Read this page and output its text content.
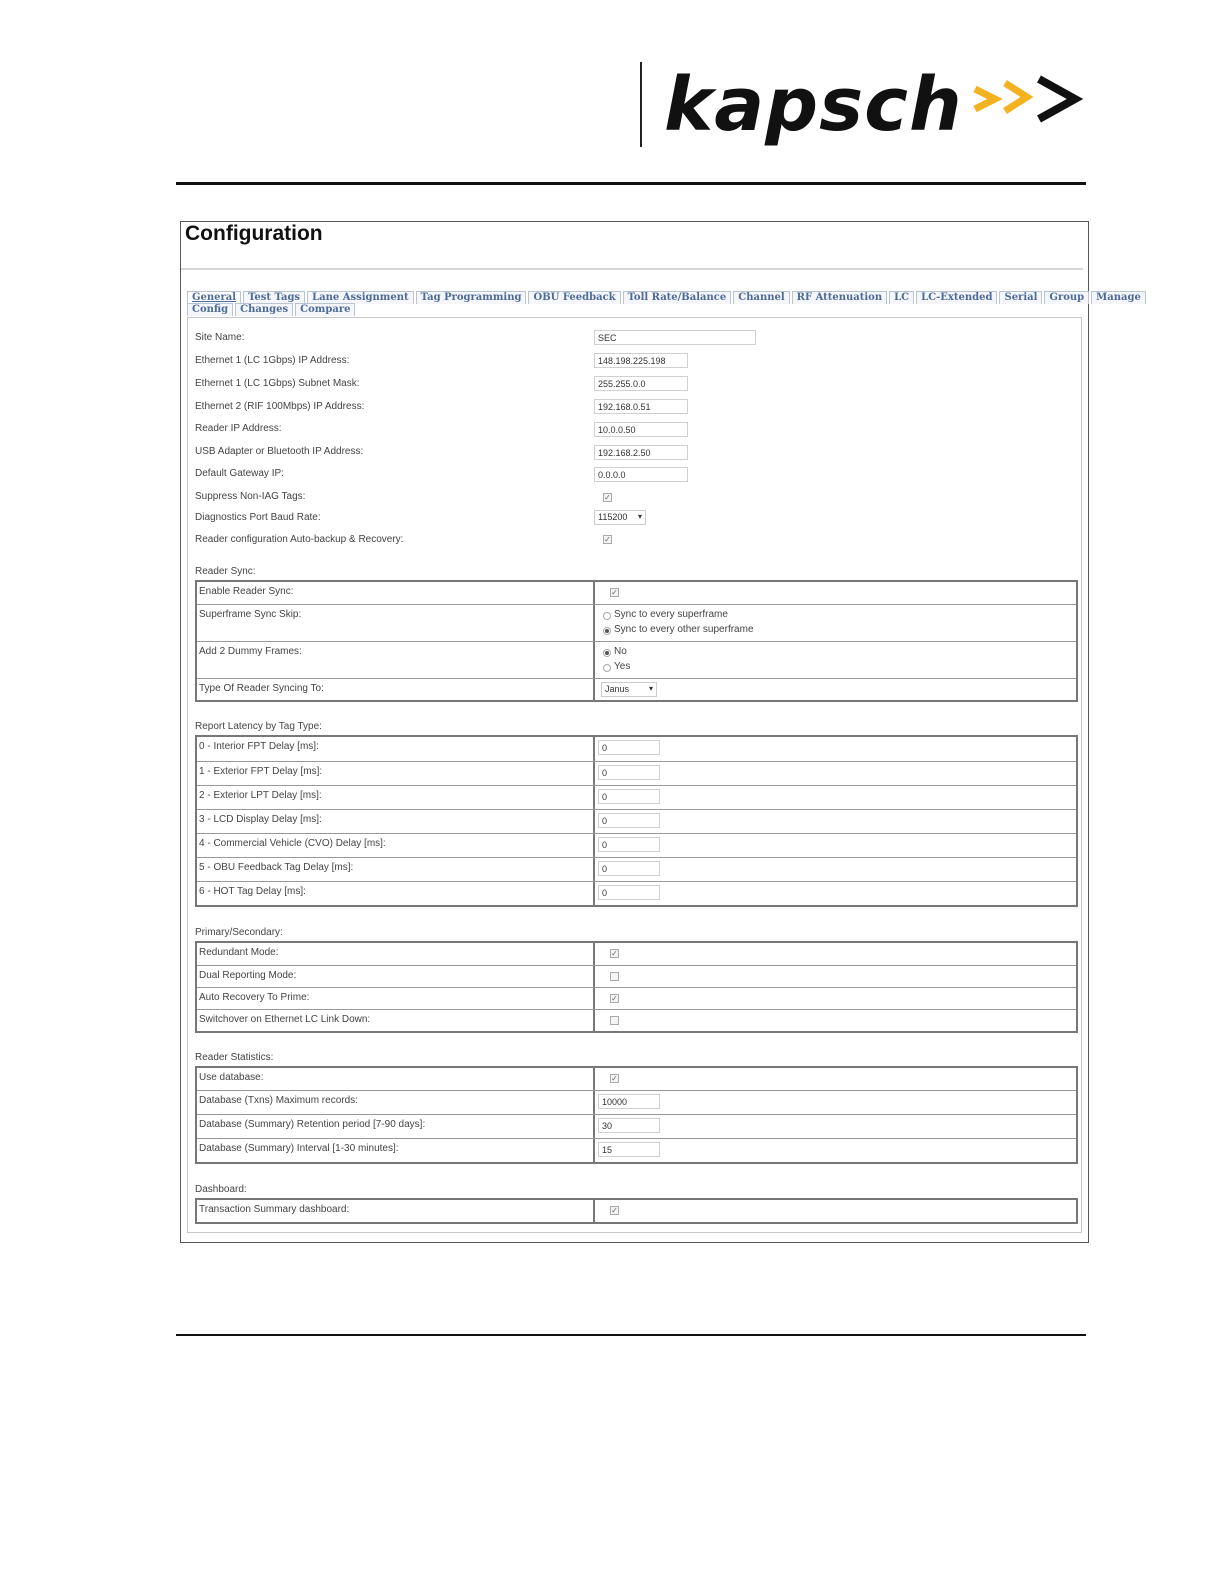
kapsch
Configuration
General Test Tags Lane Assignment Tag Programming OBU Feedback Toll Rate/Balance Channel RF Attenuation LC LC-Extended Serial Group Manage
Config Changes Compare
Site Name:	SEC
Ethernet 1 (LC 1Gbps) IP Address:	148.198.225.198
Ethernet 1 (LC 1Gbps) Subnet Mask:	255.255.0.0
Ethernet 2 (RIF 100Mbps) IP Address:	192.168.0.51
Reader IP Address:	10.0.0.50
USB Adapter or Bluetooth IP Address:	192.168.2.50
Default Gateway IP:	0.0.0.0
Suppress Non-IAG Tags:	✓
Diagnostics Port Baud Rate:	115200 ▾
Reader configuration Auto-backup & Recovery:	✓
Reader Sync:
Enable Reader Sync:	✓
Superframe Sync Skip:	Sync to every superframe
Sync to every other superframe
Add 2 Dummy Frames:	No
Yes
Type Of Reader Syncing To:	Janus ▾
Report Latency by Tag Type:
0 - Interior FPT Delay [ms]:	0
1 - Exterior FPT Delay [ms]:	0
2 - Exterior LPT Delay [ms]:	0
3 - LCD Display Delay [ms]:	0
4 - Commercial Vehicle (CVO) Delay [ms]:	0
5 - OBU Feedback Tag Delay [ms]:	0
6 - HOT Tag Delay [ms]:	0
Primary/Secondary:
Redundant Mode:	✓
Dual Reporting Mode:
Auto Recovery To Prime:	✓
Switchover on Ethernet LC Link Down:
Reader Statistics:
Use database:	✓
Database (Txns) Maximum records:	10000
Database (Summary) Retention period [7-90 days]:	30
Database (Summary) Interval [1-30 minutes]:	15
Dashboard:
Transaction Summary dashboard:	✓
